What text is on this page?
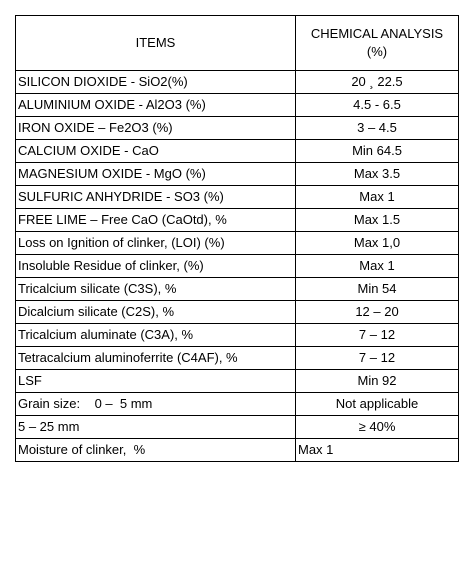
ITEMS	CHEMICAL ANALYSIS
(%)
SILICON DIOXIDE - SiO2(%)	20 ¸ 22.5
ALUMINIUM OXIDE - Al2O3 (%)	4.5 - 6.5
IRON OXIDE – Fe2O3 (%)	3 – 4.5
CALCIUM OXIDE - CaO	Min 64.5
MAGNESIUM OXIDE - MgO (%)	Max 3.5
SULFURIC ANHYDRIDE - SO3 (%)	Max 1
FREE LIME – Free CaO (CaOtd), %	Max 1.5
Loss on Ignition of clinker, (LOI) (%)	Max 1,0
Insoluble Residue of clinker, (%)	Max 1
Tricalcium silicate (C3S), %	Min 54
Dicalcium silicate (C2S), %	12 – 20
Tricalcium aluminate (C3A), %	7 – 12
Tetracalcium aluminoferrite (C4AF), %	7 – 12
LSF	Min 92
Grain size:    0 –  5 mm	Not applicable
5 – 25 mm	≥ 40%
Moisture of clinker,  %	Max 1
